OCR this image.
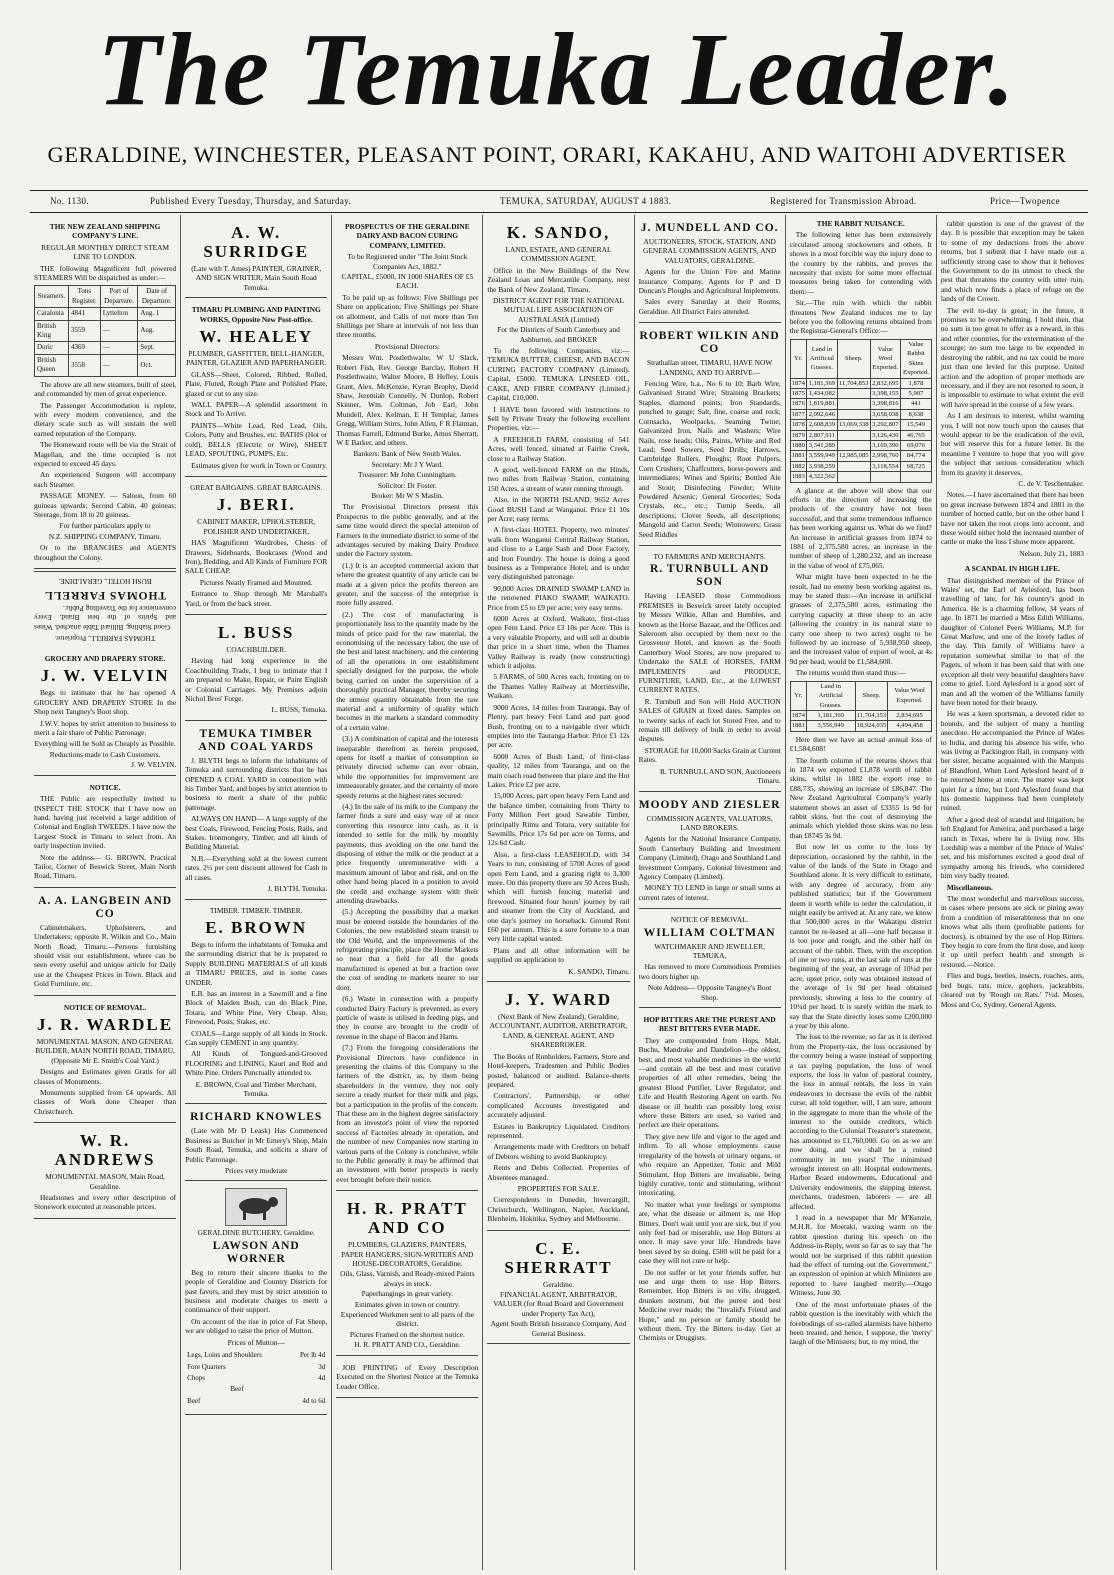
The Temuka Leader.
GERALDINE, WINCHESTER, PLEASANT POINT, ORARI, KAKAHU, AND WAITOHI ADVERTISER
No. 1130.	Published Every Tuesday, Thursday, and Saturday.	TEMUKA, SATURDAY, AUGUST 4 1883.	Registered for Transmission Abroad.	Price—Twopence
THE NEW ZEALAND SHIPPING COMPANY'S LINE.
REGULAR MONTHLY DIRECT STEAM LINE TO LONDON.
THE following Magnificent full powered STEAMERS Will be dispatched as under:—
Steamers.	Tons Register.	Port of Departure.	Date of Departure.
Catalonia	4841	Lyttelton	Aug. 1
British King	3559	—	Aug.
Doric	4369	—	Sept.
British Queen	3558	—	Oct.
The above are all new steamers, built of steel, and commanded by men of great experience.
The Passenger Accommodation is replete, with every modern convenience, and the dietary scale such as will sustain the well earned reputation of the Company.
The Homeward route will be via the Strait of Magellan, and the time occupied is not expected to exceed 45 days.
An experienced Surgeon will accompany each Steamer.
PASSAGE MONEY. — Saloon, from 60 guineas upwards; Second Cabin, 40 guineas; Steerage, from 18 to 20 guineas.
For further particulars apply to
N.Z. SHIPPING COMPANY, Timaru.
Or to the BRANCHES and AGENTS throughout the Colony.
THOMAS FARRELL, Proprietor.
Good Stabling. Billiard Table attached. Wines and Spirits of the best Brand. Every convenience for the Travelling Public.
THOMAS FARRELL
BUSH HOTEL, GERALDINE.
GROCERY AND DRAPERY STORE.
J. W. VELVIN
Begs to intimate that he has opened A GROCERY AND DRAPERY STORE In the Shop next Tangney's Boot shop.
J.W.V. hopes by strict attention to business to merit a fair share of Public Patronage.
Everything will be Sold as Cheaply as Possible.
Reductions made to Cash Customers.
J. W. VELVIN.
NOTICE.
THE Public are respectfully invited to INSPECT THE STOCK that I have now on hand, having just received a large addition of Colonial and English TWEEDS. I have now the Largest Stock in Timaru to select from. An early inspection invited.
Note the address— G. BROWN, Practical Tailor, Corner of Beswick Street, Main North Road, Timaru.
A. A. LANGBEIN AND CO
Cabinetmakers, Upholsterers, and Undertakers; opposite R. Wilkin and Co., Main North Road, Timaru.—Persons furnishing should visit our establishment, where can be seen every useful and unique article for Daily use at the Cheapest Prices in Town. Black and Gold Furniture, etc.
NOTICE OF REMOVAL.
J. R. WARDLE
MONUMENTAL MASON, AND GENERAL BUILDER, MAIN NORTH ROAD, TIMARU, (Opposite Mr E. Smith's Coal Yard.)
Designs and Estimates given Gratis for all classes of Monuments.
Monuments supplied from £4 upwards. All classes of Work done Cheaper than Christchurch.
W. R. ANDREWS
MONUMENTAL MASON, Main Road, Geraldine.
Headstones and every other description of Stonework executed at reasonable prices.
A. W. SURRIDGE
(Late with T. Ames) PAINTER, GRAINER, AND SIGN WRITER, Main South Road Temuka.
TIMARU PLUMBING AND PAINTING WORKS, Opposite New Post-office.
W. HEALEY
PLUMBER, GASFITTER, BELL-HANGER, PAINTER, GLAZIER AND PAPERHANGER.
GLASS—Sheet, Colored, Ribbed, Rolled, Plate, Fluted, Rough Plate and Polished Plate, glazed or cut to any size.
WALL PAPER—A splendid assortment in Stock and To Arrive.
PAINTS—White Lead, Red Lead, Oils, Colors, Putty and Brushes, etc. BATHS (Hot or cold), BELLS (Electric or Wire), SHEET LEAD, SPOUTING, PUMPS, Etc.
Estimates given for work in Town or Country.
GREAT BARGAINS. GREAT BARGAINS.
J. BERI.
CABINET MAKER, UPHOLSTERER, POLISHER AND UNDERTAKER,
HAS Magnificent Wardrobes, Chests of Drawers, Sideboards, Bookcases (Wood and Iron), Bedding, and All Kinds of Furniture FOR SALE CHEAP.
Pictures Neatly Framed and Mounted.
Entrance to Shop through Mr Marshall's Yard, or from the back street.
L. BUSS
COACHBUILDER.
Having had long experience in the Coachbuilding Trade, I beg to intimate that I am prepared to Make, Repair, or Paint English or Colonial Carriages. My Premises adjoin Nichol Bros' Forge.
L. BUSS, Temuka.
TEMUKA TIMBER AND COAL YARDS
J. BLYTH begs to inform the inhabitants of Temuka and surrounding districts that he has OPENED A COAL YARD in connection with his Timber Yard, and hopes by strict attention to business to merit a share of the public patronage.
ALWAYS ON HAND— A large supply of the best Coals, Firewood, Fencing Posts, Rails, and Stakes. Ironmongery, Timber, and all kinds of Building Material.
N.B.—Everything sold at the lowest current rates. 2½ per cent discount allowed for Cash in all cases.
J. BLYTH, Temuka.
TIMBER. TIMBER. TIMBER.
E. BROWN
Begs to inform the inhabitants of Temuka and the surrounding district that he is prepared to Supply BUILDING MATERIALS of all kinds at TIMARU PRICES, and in some cases UNDER.
E.B. has an interest in a Sawmill and a fine Block of Maiden Bush, can do Black Pine, Totara, and White Pine, Very Cheap. Also, Firewood, Posts, Stakes, etc.
COALS—Large supply of all kinds in Stock. Can supply CEMENT in any quantity.
All Kinds of Tongued-and-Grooved FLOORING and LINING, Kauri and Red and White Pine. Orders Punctually attended to.
E. BROWN, Coal and Timber Merchant, Temuka.
RICHARD KNOWLES
(Late with Mr D Leask) Has Commenced Business as Butcher in Mr Emery's Shop, Main South Road, Temuka, and solicits a share of Public Patronage.
Prices very moderate
GERALDINE BUTCHERY, Geraldine.
LAWSON AND WORNER
Beg to return their sincere thanks to the people of Geraldine and Country Districts for past favors, and they trust by strict attention to business and moderate charges to merit a continuance of their support.
On account of the rise in price of Fat Sheep, we are obliged to raise the price of Mutton.
Prices of Mutton—
Legs, Loins and Shoulders	Per lb 4d
Fore Quarters	3d
Chops	4d
Beef	
Beef	4d to 6d
PROSPECTUS OF THE GERALDINE DAIRY AND BACON CURING COMPANY, LIMITED.
To be Registered under "The Joint Stock Companies Act, 1882."
CAPITAL, £5000, IN 1000 SHARES OF £5 EACH.
To be paid up as follows: Five Shillings per Share on application; Five Shillings per Share on allotment, and Calls of not more than Ten Shillings per Share at intervals of not less than three months.
Provisional Directors:
Messrs Wm. Postlethwaite, W U Slack, Robert Fish, Rev. George Barclay, Robert H Postlethwaite, Walter Moore, B Hefley, Louis Grant, Alex. McKenzie, Kyran Brophy, David Shaw, Jeremiah Connelly, N Dunlop, Robert Skinner, Wm. Coltman, Job Earl, John Mundell, Alex. Kelman, E H Templar, James Gregg, William Stirrs, John Allen, F R Flatman, Thomas Farrell, Edmund Burke, Amos Sherratt, W E Barker, and others.
Bankers: Bank of New South Wales.
Secretary: Mr J Y Ward.
Treasurer: Mr John Cunningham.
Solicitor: Dr Foster.
Broker: Mr W S Maslin.
The Provisional Directors present this Prospectus to the public generally, and at the same time would direct the special attention of Farmers in the immediate district to some of the advantages secured by making Dairy Produce under the Factory system.
(1.) It is an accepted commercial axiom that where the greatest quantity of any article can be made at a given price the profits thereon are greater, and the success of the enterprise is more fully assured.
(2.) The cost of manufacturing is proportionately less to the quantity made by the minds of price paid for the raw material, the economising of the necessary labor, the use of the best and latest machinery, and the centering of all the operations in one establishment specially designed for the purpose, the whole being carried on under the supervision of a thoroughly practical Manager, thereby securing the utmost quantity obtainable from the raw material and a uniformity of quality which becomes in the markets a standard commodity of a certain value.
(3.) A combination of capital and the interests inseparable therefrom as herein proposed, opens for itself a market of consumption so privately directed scheme can ever obtain, while the opportunities for improvement are immeasurably greater, and the certainty of more speedy returns at the highest rates secured.
(4.) In the sale of its milk to the Company the farmer finds a sure and easy way of at once converting this resource into cash, as it is intended to settle for the milk by monthly payments, thus avoiding on the one hand the disposing of either the milk or the product at a price frequently unremunerative with a maximum amount of labor and risk, and on the other hand being placed in a position to avoid the credit and exchange system with their attending drawbacks.
(5.) Accepting the possibility that a market must be entered outside the boundaries of the Colonies, the new established steam transit to the Old World, and the improvements of the refrigerating principle, place the Home Markets so near that a field for all the goods manufactured is opened at but a fraction over the cost of sending to markets nearer to our door.
(6.) Waste in connection with a properly conducted Dairy Factory is prevented, as every particle of waste is utilised in feeding pigs, and they in course are brought to the credit of revenue in the shape of Bacon and Hams.
(7.) From the foregoing considerations the Provisional Directors have confidence in presenting the claims of this Company to the farmers of the district, as, by them being shareholders in the venture, they not only secure a ready market for their milk and pigs, but a participation in the profits of the concern. That these are in the highest degree satisfactory from an investor's point of view the reported success of Factories already in operation, and the number of new Companies now starting in various parts of the Colony is conclusive, while to the Public generally it may be affirmed that an investment with better prospects is rarely ever brought before their notice.
H. R. PRATT AND CO
PLUMBERS, GLAZIERS, PAINTERS, PAPER HANGERS, SIGN-WRITERS AND HOUSE-DECORATORS, Geraldine.
Oils, Glass, Varnish, and Ready-mixed Paints always in stock.
Paperhangings in great variety.
Estimates given in town or country.
Experienced Workmen sent to all parts of the district.
Pictures Framed on the shortest notice.
H. R. PRATT AND CO., Geraldine.
JOB PRINTING of Every Description Executed on the Shortest Notice at the Temuka Leader Office.
K. SANDO,
LAND, ESTATE, AND GENERAL COMMISSION AGENT,
Office in the New Buildings of the New Zealand Loan and Mercantile Company, next the Bank of New Zealand, Timaru.
DISTRICT AGENT FOR THE NATIONAL MUTUAL LIFE ASSOCIATION OF AUSTRALASIA (Limited)
For the Districts of South Canterbury and Ashburton, and BROKER
To the following Companies, viz:— TEMUKA BUTTER, CHEESE, AND BACON CURING FACTORY COMPANY (Limited). Capital, £5000. TEMUKA LINSEED OIL, CAKE, AND FIBRE COMPANY (Limited.) Capital, £10,000.
I HAVE been favored with instructions to Sell by Private Treaty the following excellent Properties, viz:—
A FREEHOLD FARM, consisting of 541 Acres, well fenced, situated at Fairlie Creek, close to a Railway Station.
A good, well-fenced FARM on the Hinds, two miles from Railway Station, containing 150 Acres, a stream of water running through.
Also, in the NORTH ISLAND, 9652 Acres Good BUSH Land at Wanganui. Price £1 10s per Acre; easy terms.
A first-class HOTEL Property, two minutes' walk from Wanganui Central Railway Station, and close to a Large Sash and Door Factory, and Iron Foundry. The house is doing a good business as a Temperance Hotel, and is under very distinguished patronage.
90,000 Acres DRAINED SWAMP LAND in the renowned PIAKO SWAMP, WAIKATO. Price from £5 to £9 per acre; very easy terms.
6000 Acres at Oxford, Waikato, first-class open Fern Land. Price £3 10s per Acre. This is a very valuable Property, and will sell at double that price in a short time, when the Thames Valley Railway is ready (now constructing) which it adjoins.
5 FARMS, of 500 Acres each, fronting on to the Thames Valley Railway at Morrinsville, Waikato.
9000 Acres, 14 miles from Tauranga, Bay of Plenty, part heavy Fern Land and part good Bush, fronting on to a navigable river which empties into the Tauranga Harbor. Price £1 12s per acre.
6000 Acres of Bush Land, of first-class quality, 12 miles from Tauranga, and on the main coach road between that place and the Hot Lakes. Price £2 per acre.
15,000 Acres, part open heavy Fern Land and the balance timber, containing from Thirty to Forty Million Feet good Sawable Timber, principally Rimu and Totara, very suitable for Sawmills. Price 17s 6d per acre on Terms, and 12s 6d Cash.
Also, a first-class LEASEHOLD, with 34 Years to run, consisting of 5700 Acres of good open Fern Land, and a grazing right to 3,300 more. On this property there are 50 Acres Bush, which will furnish fencing material and firewood. Situated four hours' journey by rail and steamer from the City of Auckland, and one day's journey on horseback. Ground Rent £60 per annum. This is a sure fortune to a man very little capital wanted.
Plans and all other information will be supplied on application to
K. SANDO, Timaru.
J. Y. WARD
(Next Bank of New Zealand), Geraldine, ACCOUNTANT, AUDITOR, ARBITRATOR, LAND, & GENERAL AGENT, AND SHAREBROKER.
The Books of Runholders, Farmers, Store and Hotel-keepers, Tradesmen and Public Bodies posted, balanced or audited. Balance-sheets prepared.
Contractors', Partnership, or other complicated Accounts investigated and accurately adjusted.
Estates in Bankruptcy Liquidated. Creditors represented.
Arrangements made with Creditors on behalf of Debtors wishing to avoid Bankruptcy.
Rents and Debts Collected. Properties of Absentees managed.
PROPERTIES FOR SALE.
Correspondents in Dunedin, Invercargill, Christchurch, Wellington, Napier, Auckland, Blenheim, Hokitika, Sydney and Melbourne.
C. E. SHERRATT
Geraldine.
FINANCIAL AGENT, ARBITRATOR, VALUER (for Road Board and Government under Property Tax Act),
Agent South British Insurance Company, And General Business.
J. MUNDELL AND CO.
AUCTIONEERS, STOCK, STATION, AND GENERAL COMMISSION AGENTS, AND VALUATORS, GERALDINE.
Agents for the Union Fire and Marine Insurance Company, Agents for P and D Duncan's Ploughs and Agricultural Implements.
Sales every Saturday at their Rooms, Geraldine. All District Fairs attended.
ROBERT WILKIN AND CO
Strathallan street, TIMARU, HAVE NOW LANDING, AND TO ARRIVE—
Fencing Wire, h.a., No 6 to 10; Barb Wire, Galvanised Strand Wire; Straining Brackets; Staples, diamond points; Iron Standards, punched to gauge; Salt, fine, coarse and rock; Cornsacks, Woolpacks, Seaming Twine; Galvanized Iron, Nails and Washers; Wire Nails, rose heads; Oils, Paints, White and Red Lead; Seed Sowers, Seed Drills; Harrows, Cambridge Rollers, Ploughs; Root Pulpers, Corn Crushers; Chaffcutters, horse-powers and intermediates; Wines and Spirits; Bottled Ale and Stout; Disinfecting Powder; White Powdered Arsenic; General Groceries; Soda Crystals, etc., etc.; Turnip Seeds, all descriptions; Clover Seeds, all descriptions; Mangold and Carrot Seeds; Winnowers; Grass Seed Riddles
TO FARMERS AND MERCHANTS.
R. TURNBULL AND SON
Having LEASED those Commodious PREMISES in Beswick street lately occupied by Messrs Wilkie, Allan and Humbles, and known as the Horse Bazaar, and the Offices and Saleroom also occupied by them next to the Grosvenor Hotel, and known as the South Canterbury Wool Stores, are now prepared to Undertake the SALE of HORSES, FARM IMPLEMENTS and PRODUCE, FURNITURE, LAND, Etc., at the LOWEST CURRENT RATES.
R. Turnbull and Son will Hold AUCTION SALES of GRAIN at fixed dates. Samples on to twenty sacks of each lot Stored Free, and to remain till delivery of bulk in order to avoid disputes.
STORAGE for 10,000 Sacks Grain at Current Rates.
R. TURNBULL AND SON, Auctioneers Timaru.
MOODY AND ZIESLER
COMMISSION AGENTS, VALUATORS, LAND BROKERS.
Agents for the National Insurance Company, South Canterbury Building and Investment Company (Limited), Otago and Southland Land Investment Company, Colonial Investment and Agency Company (Limited).
MONEY TO LEND in large or small sums at current rates of interest.
NOTICE OF REMOVAL.
WILLIAM COLTMAN
WATCHMAKER AND JEWELLER, TEMUKA,
Has removed to more Commodious Premises two doors higher up.
Note Address— Opposite Tangney's Boot Shop.
HOP BITTERS ARE THE PUREST AND BEST BITTERS EVER MADE.
They are compounded from Hops, Malt, Buchu, Mandrake and Dandelion—the oldest, best, and most valuable medicines in the world—and contain all the best and most curative properties of all other remedies, being the greatest Blood Purifier, Liver Regulator, and Life and Health Restoring Agent on earth. No disease or ill health can possibly long exist where these Bitters are used, so varied and perfect are their operations.
They give new life and vigor to the aged and infirm. To all whose employments cause irregularity of the bowels or urinary organs, or who require an Appetizer, Tonic and Mild Stimulant, Hop Bitters are invaluable, being highly curative, tonic and stimulating, without intoxicating.
No matter what your feelings or symptoms are, what the disease or ailment is, use Hop Bitters. Don't wait until you are sick, but if you only feel bad or miserable, use Hop Bitters at once. It may save your life. Hundreds have been saved by so doing. £500 will be paid for a case they will not cure or help.
Do not suffer or let your friends suffer, but use and urge them to use Hop Bitters. Remember, Hop Bitters is no vile, drugged, drunken nostrum, but the purest and best Medicine ever made; the "Invalid's Friend and Hope," and no person or family should be without them. Try the Bitters to-day. Get at Chemists or Druggists.
THE RABBIT NUISANCE.
The following letter has been extensively circulated among stockowners and others. It shows in a most forcible way the injury done to the country by the rabbits, and proves the necessity that exists for some more effectual measures being taken for contending with them:—
Sir,—The ruin with which the rabbit threatens New Zealand induces me to lay before you the following returns obtained from the Registrar-General's Office:—
Yr.	Land in Artificial Grasses.	Sheep.	Value Wool Exported.	Value Rabbit Skins Exported.
1874	1,181,369	11,704,853	2,832,695	1,878
1875	1,434,082		3,398,155	5,907
1876	1,819,881		3,398,816	441
1877	2,092,646		3,658,038	8,638
1878	2,608,839	13,069,338	3,292,807	15,549
1879	2,807,911		3,126,430	46,765
1880	3,341,289		3,169,390	69,076
1881	3,559,949	12,985,085	2,998,760	84,774
1882	3,938,259		3,118,554	68,725
1883	4,322,562			
A glance at the above will show that our efforts in the direction of increasing the products of the country have not been successful, and that some tremendous influence has been working against us. What do we find? An increase in artificial grasses from 1874 to 1881 of 2,375,580 acres, an increase in the number of sheep of 1,280,232, and an increase in the value of wool of £75,065.
What might have been expected to be the result, had no enemy been working against us, may be stated thus:—An increase in artificial grasses of 2,375,580 acres, estimating the carrying capacity at three sheep to an acre (allowing the country in its natural state to carry one sheep to two acres) ought to be followed by an increase of 5,938,950 sheep, and the increased value of export of wool, at 4s 9d per head, would be £1,584,608.
The returns would then stand thus:—
Yr.	Land in Artificial Grasses.	Sheep.	Value Wool Exported.
1874	1,181,369	11,704,353	2,834,695
1881	3,556,949	18,924,035	4,494,458
Here then we have an actual annual loss of £1,584,608!
The fourth column of the returns shows that in 1874 we exported £1,878 worth of rabbit skins, whilst in 1882 the export rose to £88,735, showing an increase of £86,847. The New Zealand Agricultural Company's yearly statement shows an asset of £3355 1s 9d for rabbit skins, but the cost of destroying the animals which yielded those skins was no less than £8745 3s 9d.
But now let us come to the loss by depreciation, occasioned by the rabbit, in the value of the lands of the State in Otago and Southland alone. It is very difficult to estimate, with any degree of accuracy, from any published statistics; but if the Government deem it worth while to order the calculation, it might easily be arrived at. At any rate, we know that 500,000 acres in the Wakatipu district cannot be re-leased at all—one half because it is too poor and rough, and the other half on account of the rabbit. Then, with the exception of one or two runs, at the last sale of runs at the beginning of the year, an average of 10¼d per acre, upset price, only was obtained instead of the average of 1s 9d per head obtained previously, showing a loss to the country of 10¼d per head. It is surely within the mark to say that the State directly loses some £200,000 a year by this alone.
The loss to the revenue, so far as it is derived from the Property-tax, the loss occasioned by the country being a waste instead of supporting a tax paying population, the loss of wool exports, the loss in value of pastoral country, the loss in annual rentals, the loss in vain endeavours to decrease the evils of the rabbit curse, all told together, will, I am sure, amount in the aggregate to more than the whole of the interest to the outside creditors, which according to the Colonial Treasurer's statement, has amounted to £1,760,000. Go on as we are now doing, and we shall be a ruined community in ten years! The minimised wrought interest on all: Hospital endowments, Harbor Board endowments, Educational and University endowments, the shipping interest, merchants, tradesmen, laborers — are all affected.
I read in a newspaper that Mr M'Kenzie, M.H.R. for Moeraki, waxing warm on the rabbit question during his speech on the Address-in-Reply, went so far as to say that "he would not be surprised if this rabbit question had the effect of turning out the Government," an expression of opinion at which Ministers are reported to have laughed merrily.—Otago Witness, June 30.
One of the most unfortunate phases of the rabbit question is the inevitably with which the forebodings of so-called alarmists have hitherto been treated, and hence, I suppose, the 'merry' laugh of the Ministers; but, to my mind, the
rabbit question is one of the gravest of the day. It is possible that exception may be taken to some of my deductions from the above returns, but I submit that I have made out a sufficiently strong case to show that it behoves the Government to do its utmost to check the pest that threatens the country with utter ruin, and which now finds a place of refuge on the lands of the Crown.
The evil to-day is great; in the future, it promises to be overwhelming. I hold then, that no sum is too great to offer as a reward, in this and other countries, for the extermination of the scourge; no sum too large to be expended in destroying the rabbit, and no tax could be more just than one levied for this purpose. United action and the adoption of proper methods are necessary, and if they are not resorted to soon, it is impossible to estimate to what extent the evil will have spread in the course of a few years.
As I am desirous to interest, whilst warning you, I will not now touch upon the causes that would appear to be the eradication of the evil, but will reserve this for a future letter. In the meantime I venture to hope that you will give the subject that serious consideration which from its gravity it deserves,
C. de V. Teschemaker.
Notes.—I have ascertained that there has been no great increase between 1874 and 1881 in the number of horned cattle, but on the other hand I have not taken the root crops into account, and these would either hold the increased number of cattle or make the loss I show more apparent.
Nelson, July 21, 1883
A SCANDAL IN HIGH LIFE.
That distinguished member of the Prince of Wales' set, the Earl of Aylesford, has been travelling of late, for his country's good in America. He is a charming fellow, 34 years of age. In 1871 he married a Miss Edith Williams, daughter of Colonel Peers Williams, M.P. for Great Marlow, and one of the lovely ladies of the day. This family of Williams have a reputation somewhat similar to that of the Pagets, of whom it has been said that with one exception all their very beautiful daughters have come to grief. Lord Aylesford is a good sort of man and all the women of the Williams family have been noted for their beauty.
He was a keen sportsman, a devoted rider to hounds, and the subject of many a hunting anecdote. He accompanied the Prince of Wales to India, and during his absence his wife, who was living at Packington Hall, in company with her sister, became acquainted with the Marquis of Blandford. When Lord Aylesford heard of it he returned home at once. The matter was kept quiet for a time, but Lord Aylesford found that his domestic happiness had been completely ruined.
After a good deal of scandal and litigation, he left England for America, and purchased a large ranch in Texas, where he is living now. His Lordship was a member of the Prince of Wales' set, and his misfortunes excited a good deal of sympathy among his friends, who considered him very badly treated.
Miscellaneous.
The most wonderful and marvellous success, in cases where persons are sick or pining away from a condition of miserableness that no one knows what ails them (profitable patients for doctors), is obtained by the use of Hop Bitters. They begin to cure from the first dose, and keep it up until perfect health and strength is restored.—Notice.
Flies and bugs, beetles, insects, roaches, ants, bed bugs, rats, mice, gophers, jackrabbits, cleared out by 'Rough on Rats.' 7½d. Moses, Moss and Co, Sydney, General Agents.
